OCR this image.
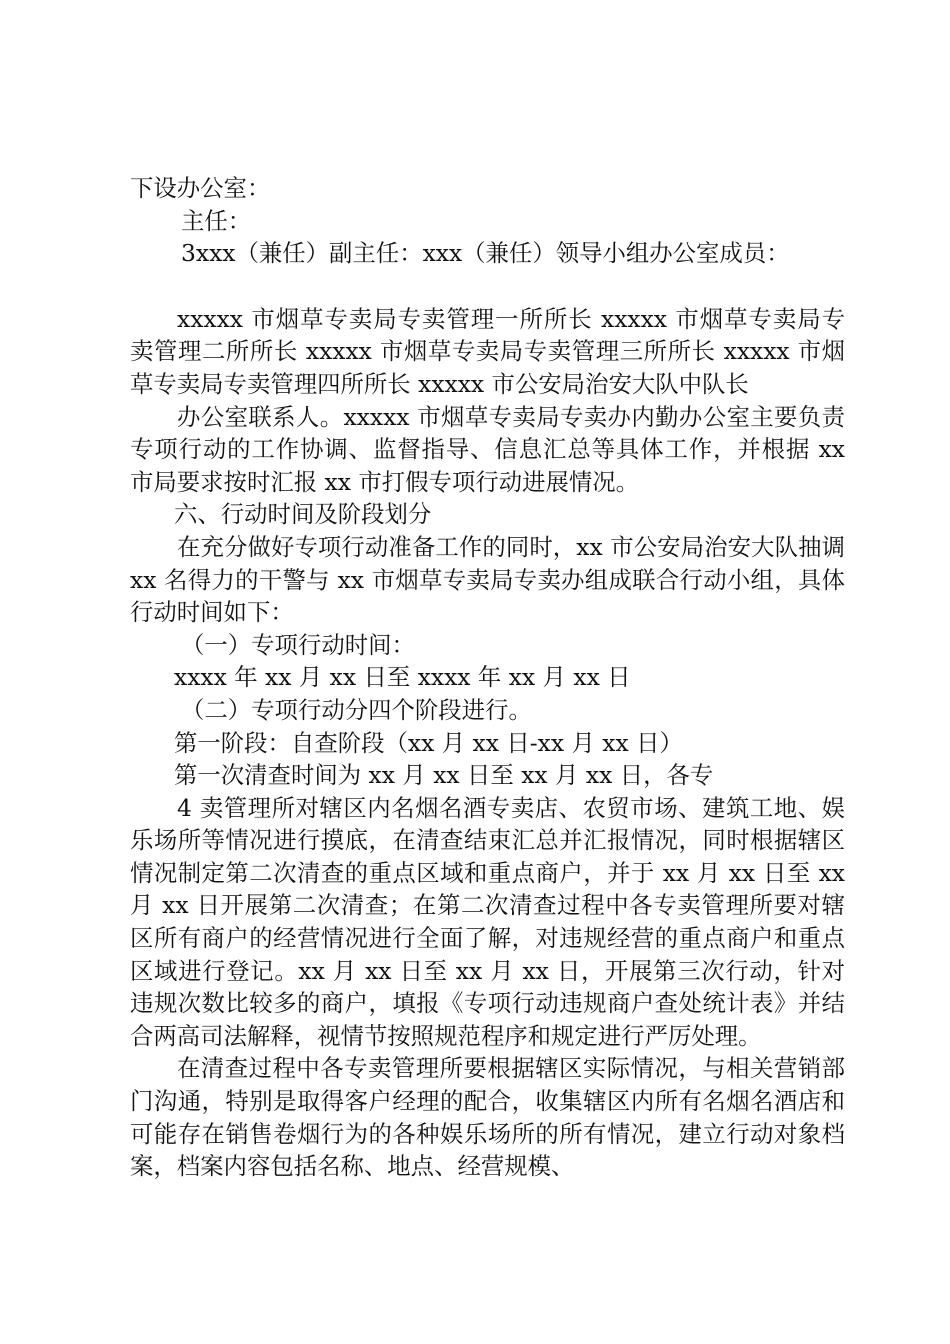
下设办公室：
主任：
3xxx（兼任）副主任：xxx（兼任）领导小组办公室成员：
xxxxx 市烟草专卖局专卖管理一所所长 xxxxx 市烟草专卖局专卖管理二所所长 xxxxx 市烟草专卖局专卖管理三所所长 xxxxx 市烟草专卖局专卖管理四所所长 xxxxx 市公安局治安大队中队长
办公室联系人。xxxxx 市烟草专卖局专卖办内勤办公室主要负责专项行动的工作协调、监督指导、信息汇总等具体工作，并根据 xx 市局要求按时汇报 xx 市打假专项行动进展情况。
六、行动时间及阶段划分
在充分做好专项行动准备工作的同时，xx 市公安局治安大队抽调 xx 名得力的干警与 xx 市烟草专卖局专卖办组成联合行动小组，具体行动时间如下：
（一）专项行动时间：
xxxx 年 xx 月 xx 日至 xxxx 年 xx 月 xx 日
（二）专项行动分四个阶段进行。
第一阶段：自查阶段（xx 月 xx 日-xx 月 xx 日）
第一次清查时间为 xx 月 xx 日至 xx 月 xx 日，各专
4 卖管理所对辖区内名烟名酒专卖店、农贸市场、建筑工地、娱乐场所等情况进行摸底，在清查结束汇总并汇报情况，同时根据辖区情况制定第二次清查的重点区域和重点商户，并于 xx 月 xx 日至 xx 月 xx 日开展第二次清查；在第二次清查过程中各专卖管理所要对辖区所有商户的经营情况进行全面了解，对违规经营的重点商户和重点区域进行登记。xx 月 xx 日至 xx 月 xx 日，开展第三次行动，针对违规次数比较多的商户，填报《专项行动违规商户查处统计表》并结合两高司法解释，视情节按照规范程序和规定进行严厉处理。
在清查过程中各专卖管理所要根据辖区实际情况，与相关营销部门沟通，特别是取得客户经理的配合，收集辖区内所有名烟名酒店和可能存在销售卷烟行为的各种娱乐场所的所有情况，建立行动对象档案，档案内容包括名称、地点、经营规模、
